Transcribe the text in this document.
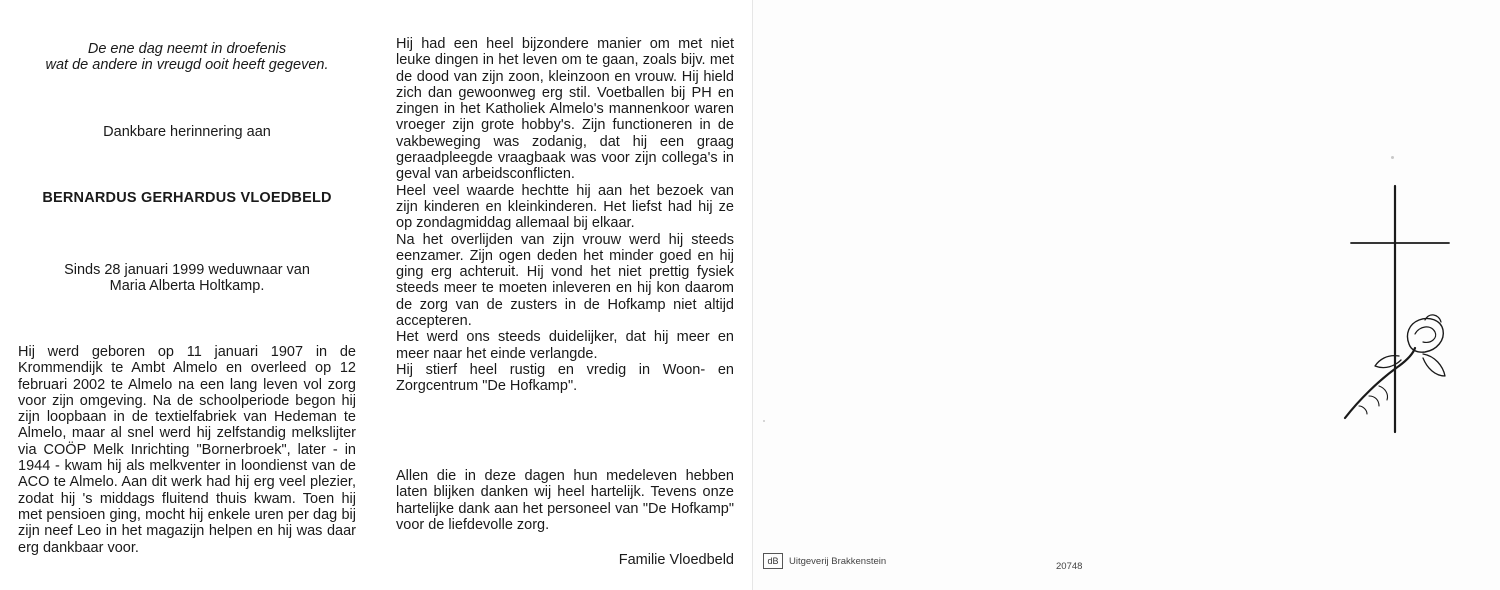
De ene dag neemt in droefenis
wat de andere in vreugd ooit heeft gegeven.
Dankbare herinnering aan
BERNARDUS GERHARDUS VLOEDBELD
Sinds 28 januari 1999 weduwnaar van
Maria Alberta Holtkamp.

Hij werd geboren op 11 januari 1907 in de Krommendijk te Ambt Almelo en overleed op 12 februari 2002 te Almelo na een lang leven vol zorg voor zijn omgeving. Na de schoolperiode begon hij zijn loopbaan in de textielfabriek van Hedeman te Almelo, maar al snel werd hij zelfstandig melkslijter via COÖP Melk Inrichting "Bornerbroek", later - in 1944 - kwam hij als melkventer in loondienst van de ACO te Almelo. Aan dit werk had hij erg veel plezier, zodat hij 's middags fluitend thuis kwam. Toen hij met pensioen ging, mocht hij enkele uren per dag bij zijn neef Leo in het magazijn helpen en hij was daar erg dankbaar voor.

Hij had een heel bijzondere manier om met niet leuke dingen in het leven om te gaan, zoals bijv. met de dood van zijn zoon, kleinzoon en vrouw. Hij hield zich dan gewoonweg erg stil. Voetballen bij PH en zingen in het Katholiek Almelo's mannenkoor waren vroeger zijn grote hobby's. Zijn functioneren in de vakbeweging was zodanig, dat hij een graag geraadpleegde vraagbaak was voor zijn collega's in geval van arbeidsconflicten.

Heel veel waarde hechtte hij aan het bezoek van zijn kinderen en kleinkinderen. Het liefst had hij ze op zondagmiddag allemaal bij elkaar.

Na het overlijden van zijn vrouw werd hij steeds eenzamer. Zijn ogen deden het minder goed en hij ging erg achteruit. Hij vond het niet prettig fysiek steeds meer te moeten inleveren en hij kon daarom de zorg van de zusters in de Hofkamp niet altijd accepteren.

Het werd ons steeds duidelijker, dat hij meer en meer naar het einde verlangde.

Hij stierf heel rustig en vredig in Woon- en Zorgcentrum "De Hofkamp".

Allen die in deze dagen hun medeleven hebben laten blijken danken wij heel hartelijk. Tevens onze hartelijke dank aan het personeel van "De Hofkamp" voor de liefdevolle zorg.
Familie Vloedbeld	dB	Uitgeverij Brakkenstein	20748
